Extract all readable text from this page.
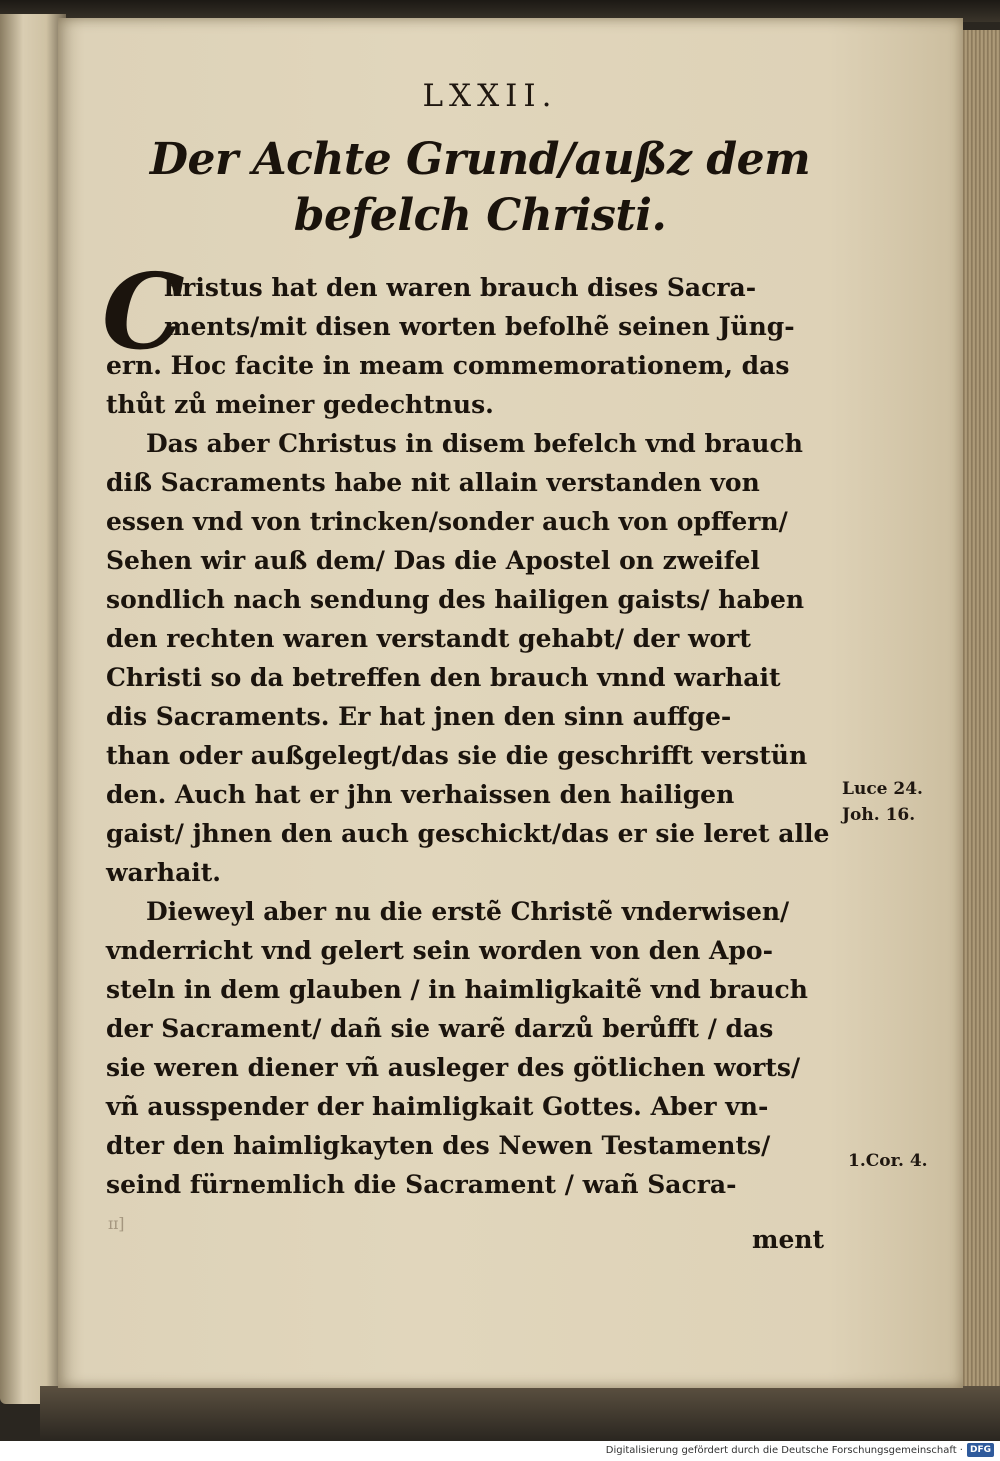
LXXII.
Der Achte Grund/außz dem
befelch Christi.
C
hristus hat den waren brauch dises Sacra-
ments/mit disen worten befolhẽ seinen Jüng-
ern. Hoc facite in meam commemorationem, das
thůt zů meiner gedechtnus.
Das aber Christus in disem befelch vnd brauch
diß Sacraments habe nit allain verstanden von
essen vnd von trincken/sonder auch von opffern/
Sehen wir auß dem/ Das die Apostel on zweifel
sondlich nach sendung des hailigen gaists/ haben
den rechten waren verstandt gehabt/ der wort
Christi so da betreffen den brauch vnnd warhait
dis Sacraments. Er hat jnen den sinn auffge-
than oder außgelegt/das sie die geschrifft verstün
den. Auch hat er jhn verhaissen den hailigen
gaist/ jhnen den auch geschickt/das er sie leret alle
warhait.
Dieweyl aber nu die erstẽ Christẽ vnderwisen/
vnderricht vnd gelert sein worden von den Apo-
steln in dem glauben / in haimligkaitẽ vnd brauch
der Sacrament/ dañ sie warẽ darzů berůfft / das
sie weren diener vñ ausleger des götlichen worts/
vñ ausspender der haimligkait Gottes. Aber vn-
dter den haimligkayten des Newen Testaments/
seind fürnemlich die Sacrament / wañ Sacra-
ment
Luce 24.
Joh. 16.
1.Cor. 4.
ɪɪ]
Digitalisierung gefördert durch die Deutsche Forschungsgemeinschaft · DFG
